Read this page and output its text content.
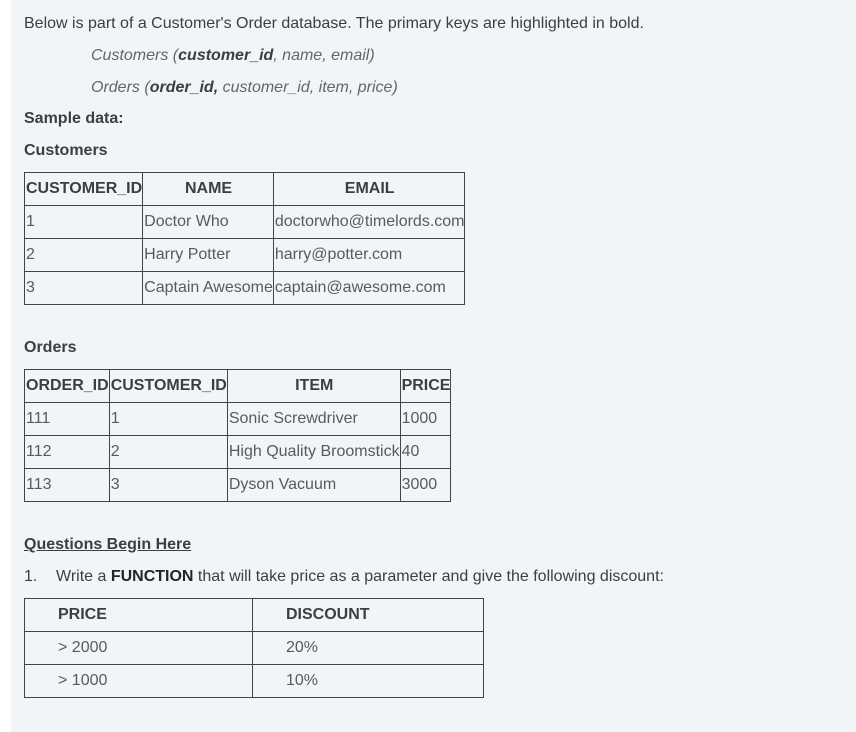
Below is part of a Customer's Order database. The primary keys are highlighted in bold.
Customers (customer_id, name, email)
Orders (order_id, customer_id, item, price)
Sample data:
Customers
CUSTOMER_ID	NAME	EMAIL
1	Doctor Who	doctorwho@timelords.com
2	Harry Potter	harry@potter.com
3	Captain Awesome	captain@awesome.com
Orders
ORDER_ID	CUSTOMER_ID	ITEM	PRICE
111	1	Sonic Screwdriver	1000
112	2	High Quality Broomstick	40
113	3	Dyson Vacuum	3000
Questions Begin Here
1. Write a FUNCTION that will take price as a parameter and give the following discount:
PRICE	DISCOUNT
> 2000	20%
> 1000	10%
